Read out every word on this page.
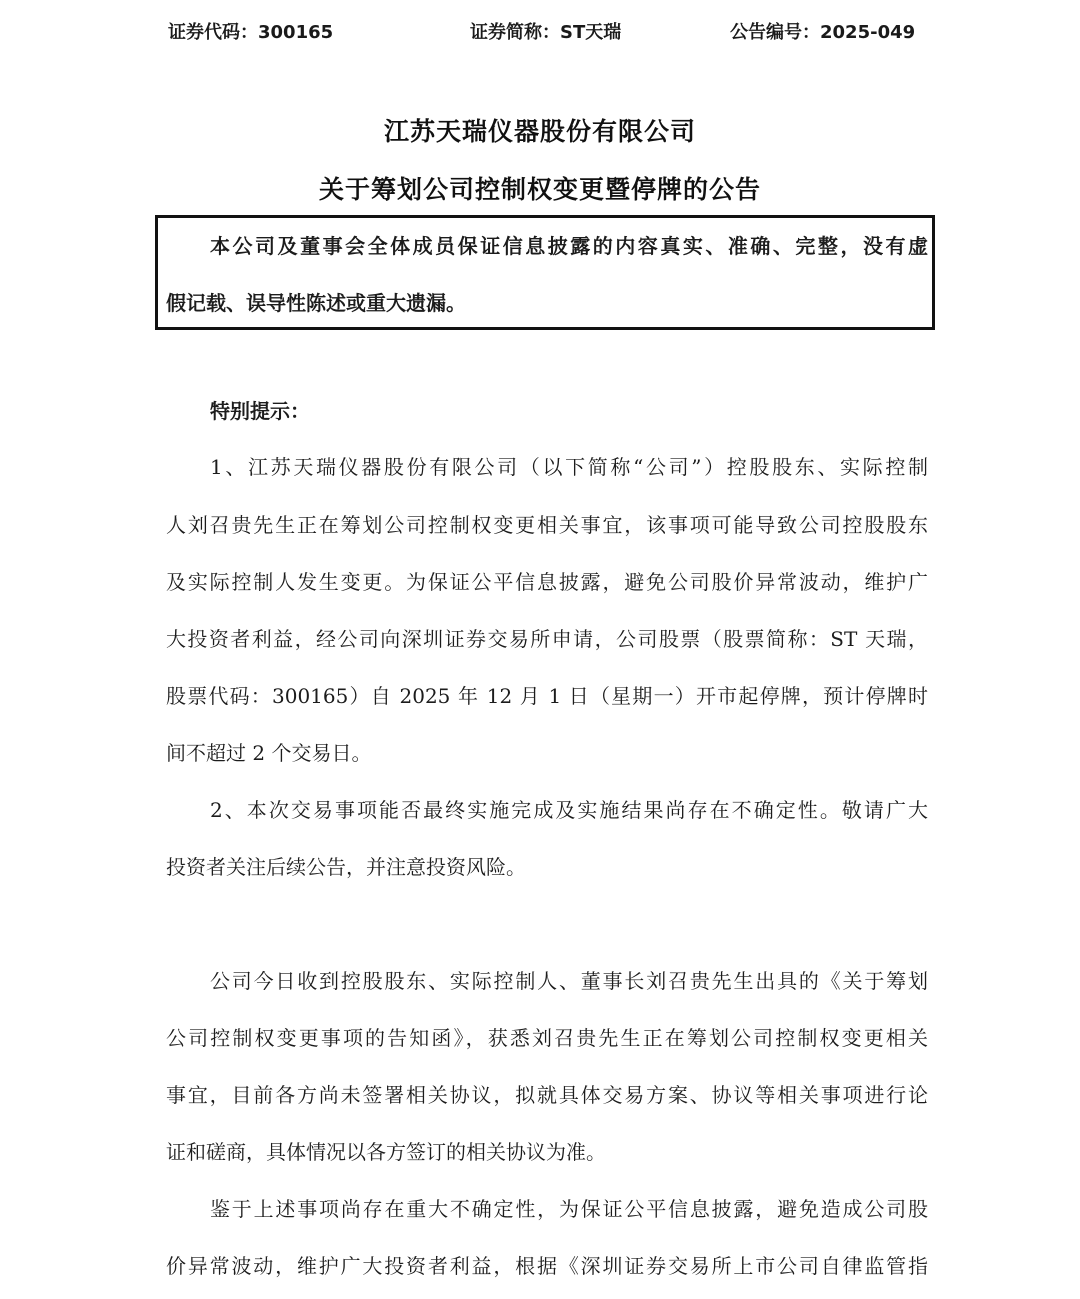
证券代码：300165	证券简称：ST天瑞	公告编号：2025-049
江苏天瑞仪器股份有限公司
关于筹划公司控制权变更暨停牌的公告
本公司及董事会全体成员保证信息披露的内容真实、准确、完整，没有虚
假记载、误导性陈述或重大遗漏。
特别提示：
1、江苏天瑞仪器股份有限公司（以下简称“公司”）控股股东、实际控制
人刘召贵先生正在筹划公司控制权变更相关事宜，该事项可能导致公司控股股东
及实际控制人发生变更。为保证公平信息披露，避免公司股价异常波动，维护广
大投资者利益，经公司向深圳证券交易所申请，公司股票（股票简称：ST 天瑞，
股票代码：300165）自 2025 年 12 月 1 日（星期一）开市起停牌，预计停牌时
间不超过 2 个交易日。
2、本次交易事项能否最终实施完成及实施结果尚存在不确定性。敬请广大
投资者关注后续公告，并注意投资风险。
公司今日收到控股股东、实际控制人、董事长刘召贵先生出具的《关于筹划
公司控制权变更事项的告知函》，获悉刘召贵先生正在筹划公司控制权变更相关
事宜，目前各方尚未签署相关协议，拟就具体交易方案、协议等相关事项进行论
证和磋商，具体情况以各方签订的相关协议为准。
鉴于上述事项尚存在重大不确定性，为保证公平信息披露，避免造成公司股
价异常波动，维护广大投资者利益，根据《深圳证券交易所上市公司自律监管指
